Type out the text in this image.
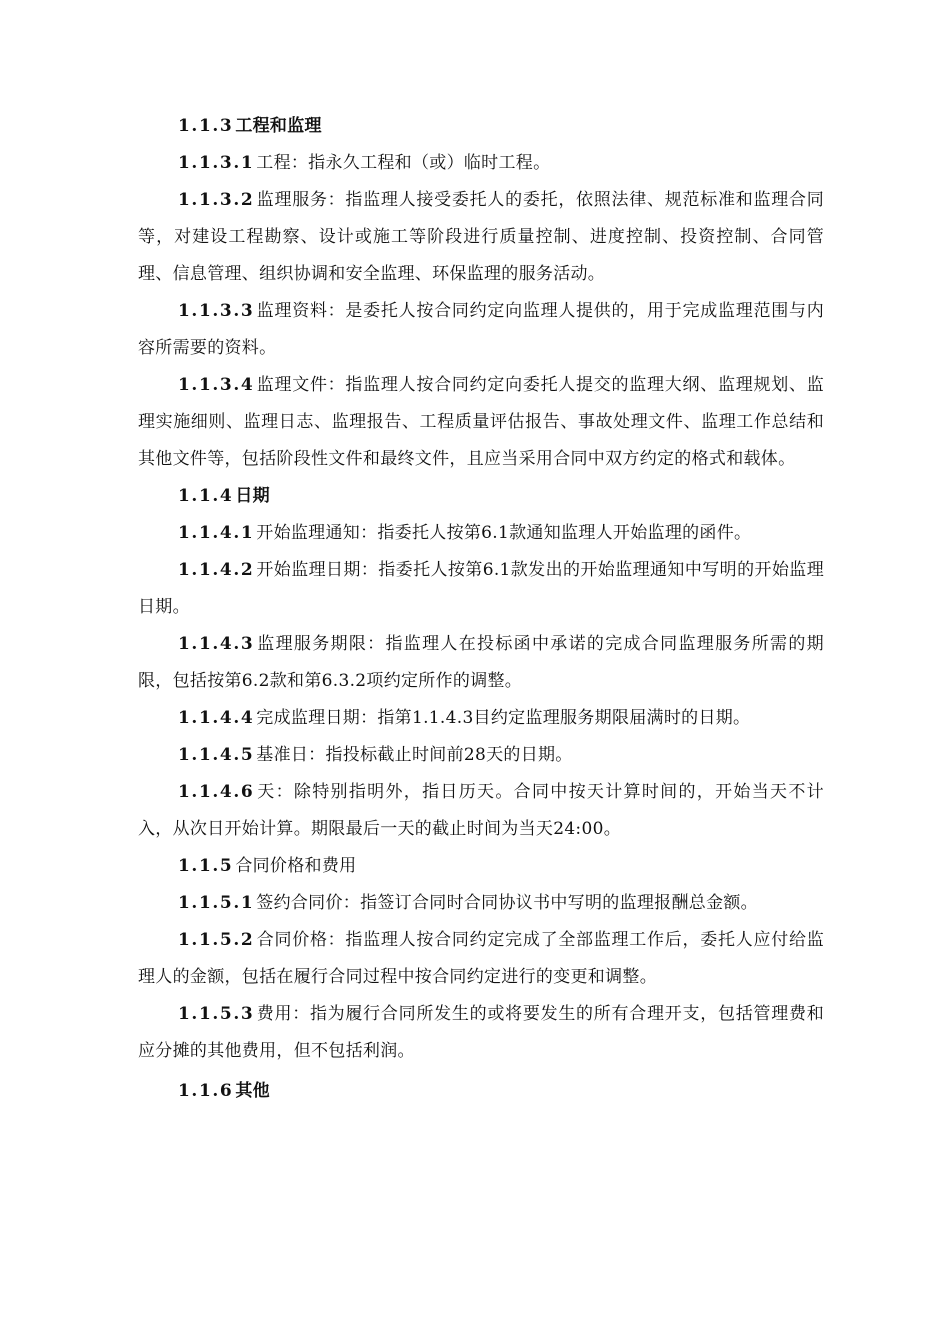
1.1.3 工程和监理

1.1.3.1 工程：指永久工程和（或）临时工程。

1.1.3.2 监理服务：指监理人接受委托人的委托，依照法律、规范标准和监理合同等，对建设工程勘察、设计或施工等阶段进行质量控制、进度控制、投资控制、合同管理、信息管理、组织协调和安全监理、环保监理的服务活动。

1.1.3.3 监理资料：是委托人按合同约定向监理人提供的，用于完成监理范围与内容所需要的资料。

1.1.3.4 监理文件：指监理人按合同约定向委托人提交的监理大纲、监理规划、监理实施细则、监理日志、监理报告、工程质量评估报告、事故处理文件、监理工作总结和其他文件等，包括阶段性文件和最终文件，且应当采用合同中双方约定的格式和载体。

1.1.4 日期

1.1.4.1 开始监理通知：指委托人按第6.1款通知监理人开始监理的函件。

1.1.4.2 开始监理日期：指委托人按第6.1款发出的开始监理通知中写明的开始监理日期。

1.1.4.3 监理服务期限：指监理人在投标函中承诺的完成合同监理服务所需的期限，包括按第6.2款和第6.3.2项约定所作的调整。

1.1.4.4 完成监理日期：指第1.1.4.3目约定监理服务期限届满时的日期。

1.1.4.5 基准日：指投标截止时间前28天的日期。

1.1.4.6 天：除特别指明外，指日历天。合同中按天计算时间的，开始当天不计入，从次日开始计算。期限最后一天的截止时间为当天24:00。

1.1.5 合同价格和费用

1.1.5.1 签约合同价：指签订合同时合同协议书中写明的监理报酬总金额。

1.1.5.2 合同价格：指监理人按合同约定完成了全部监理工作后，委托人应付给监理人的金额，包括在履行合同过程中按合同约定进行的变更和调整。

1.1.5.3 费用：指为履行合同所发生的或将要发生的所有合理开支，包括管理费和应分摊的其他费用，但不包括利润。

1.1.6 其他
